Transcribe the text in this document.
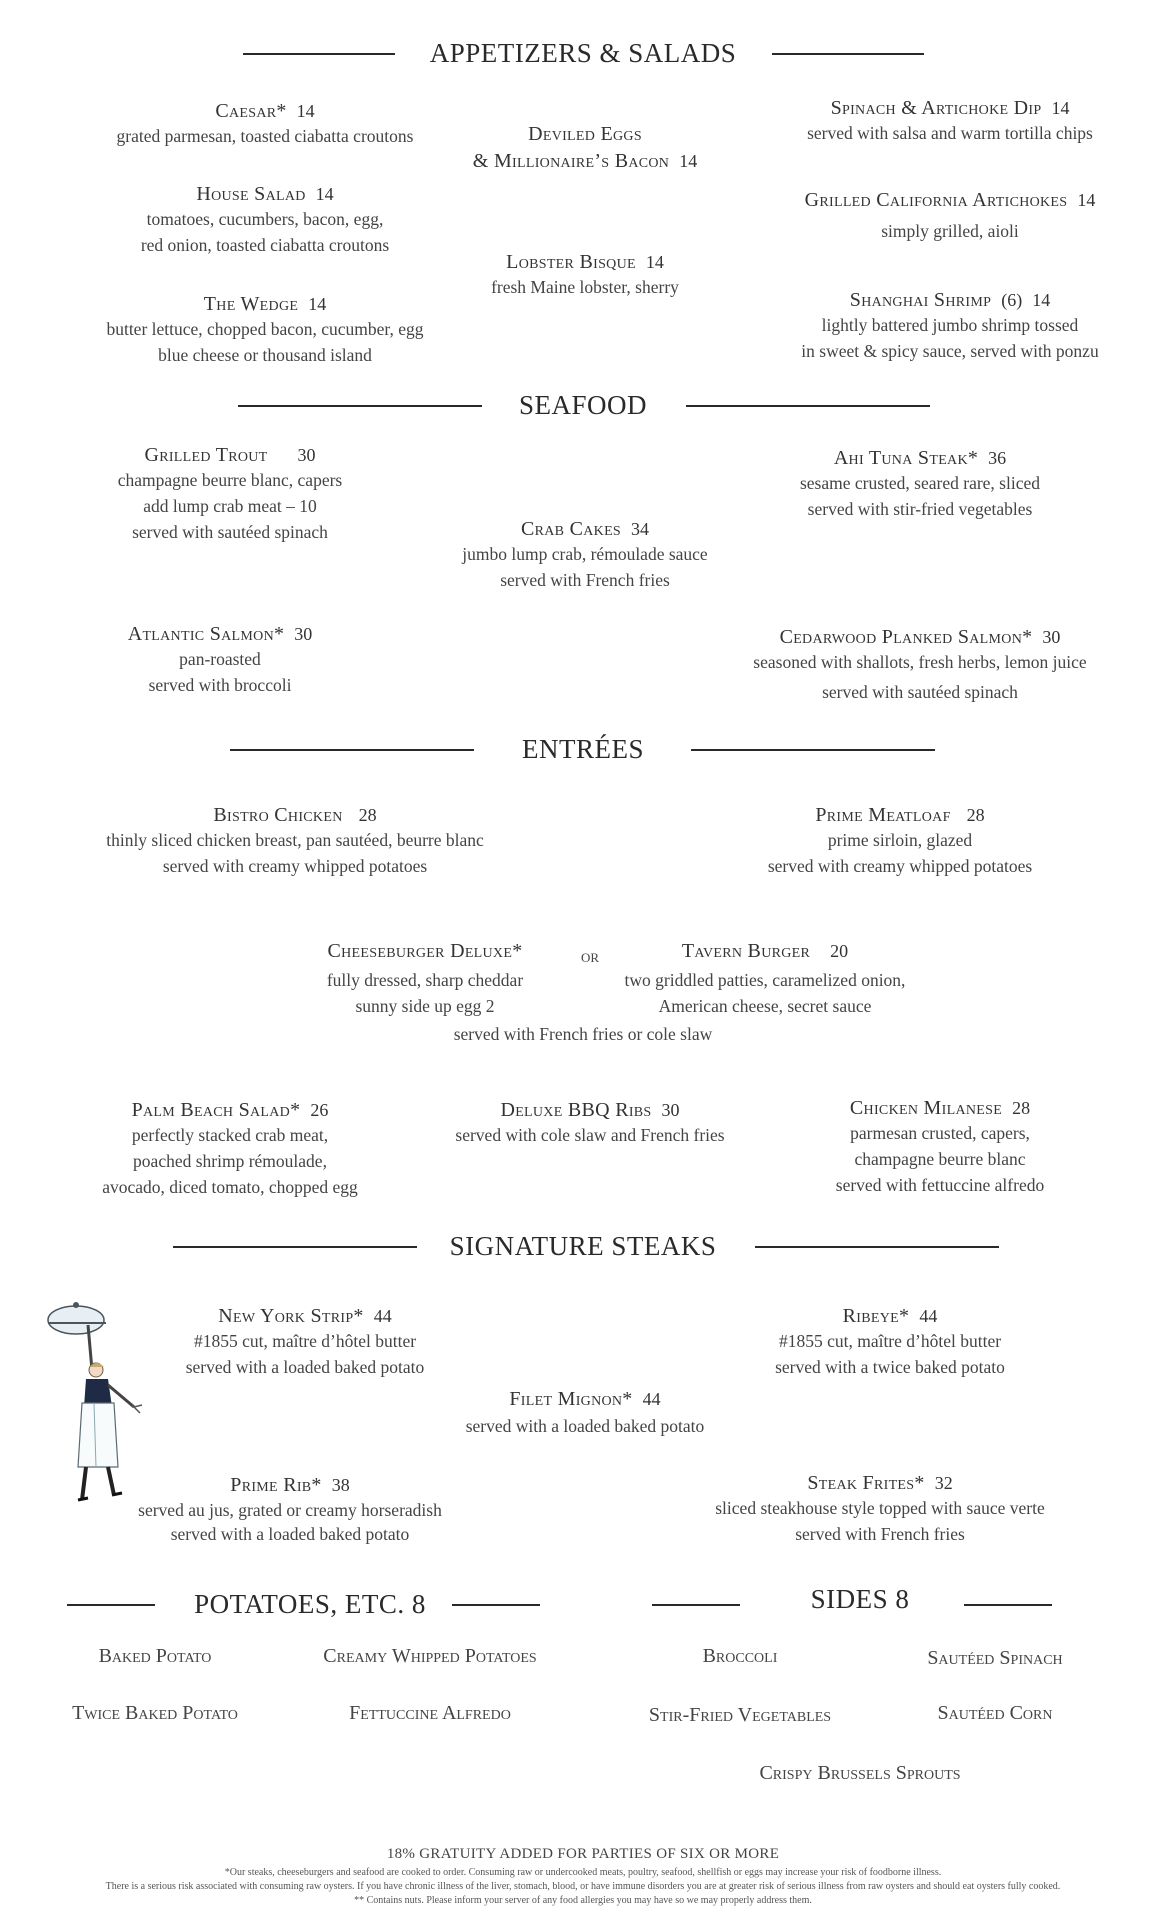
APPETIZERS & SALADS
Caesar* 14
grated parmesan, toasted ciabatta croutons
House Salad 14
tomatoes, cucumbers, bacon, egg,
red onion, toasted ciabatta croutons
The Wedge 14
butter lettuce, chopped bacon, cucumber, egg
blue cheese or thousand island
Deviled Eggs
& Millionaire’s Bacon 14
Lobster Bisque 14
fresh Maine lobster, sherry
Spinach & Artichoke Dip 14
served with salsa and warm tortilla chips
Grilled California Artichokes 14
simply grilled, aioli
Shanghai Shrimp (6) 14
lightly battered jumbo shrimp tossed
in sweet & spicy sauce, served with ponzu
SEAFOOD
Grilled Trout 30
champagne beurre blanc, capers
add lump crab meat – 10
served with sautéed spinach	Crab Cakes 34
jumbo lump crab, rémoulade sauce
served with French fries
Ahi Tuna Steak* 36
sesame crusted, seared rare, sliced
served with stir-fried vegetables
Atlantic Salmon* 30
pan-roasted
served with broccoli
Cedarwood Planked Salmon* 30
seasoned with shallots, fresh herbs, lemon juice
served with sautéed spinach
ENTRÉES
Bistro Chicken 28
thinly sliced chicken breast, pan sautéed, beurre blanc
served with creamy whipped potatoes
Prime Meatloaf 28
prime sirloin, glazed
served with creamy whipped potatoes
Cheeseburger Deluxe*
fully dressed, sharp cheddar
sunny side up egg 2
or	Tavern Burger 20
two griddled patties, caramelized onion,
American cheese, secret sauce
served with French fries or cole slaw
Palm Beach Salad* 26
perfectly stacked crab meat,
poached shrimp rémoulade,
avocado, diced tomato, chopped egg
Deluxe BBQ Ribs 30
served with cole slaw and French fries
Chicken Milanese 28
parmesan crusted, capers,
champagne beurre blanc
served with fettuccine alfredo
SIGNATURE STEAKS
New York Strip* 44
#1855 cut, maître d’hôtel butter
served with a loaded baked potato
Ribeye* 44
#1855 cut, maître d’hôtel butter
served with a twice baked potato
Filet Mignon* 44
served with a loaded baked potato
Prime Rib* 38
served au jus, grated or creamy horseradish
served with a loaded baked potato
Steak Frites* 32
sliced steakhouse style topped with sauce verte
served with French fries
POTATOES, ETC. 8	SIDES 8
Baked Potato	Creamy Whipped Potatoes
Twice Baked Potato	Fettuccine Alfredo
Broccoli	Sautéed Spinach
Stir-Fried Vegetables	Sautéed Corn
Crispy Brussels Sprouts
18% GRATUITY ADDED FOR PARTIES OF SIX OR MORE
*Our steaks, cheeseburgers and seafood are cooked to order. Consuming raw or undercooked meats, poultry, seafood, shellfish or eggs may increase your risk of foodborne illness.
There is a serious risk associated with consuming raw oysters. If you have chronic illness of the liver, stomach, blood, or have immune disorders you are at greater risk of serious illness from raw oysters and should eat oysters fully cooked.
** Contains nuts. Please inform your server of any food allergies you may have so we may properly address them.
